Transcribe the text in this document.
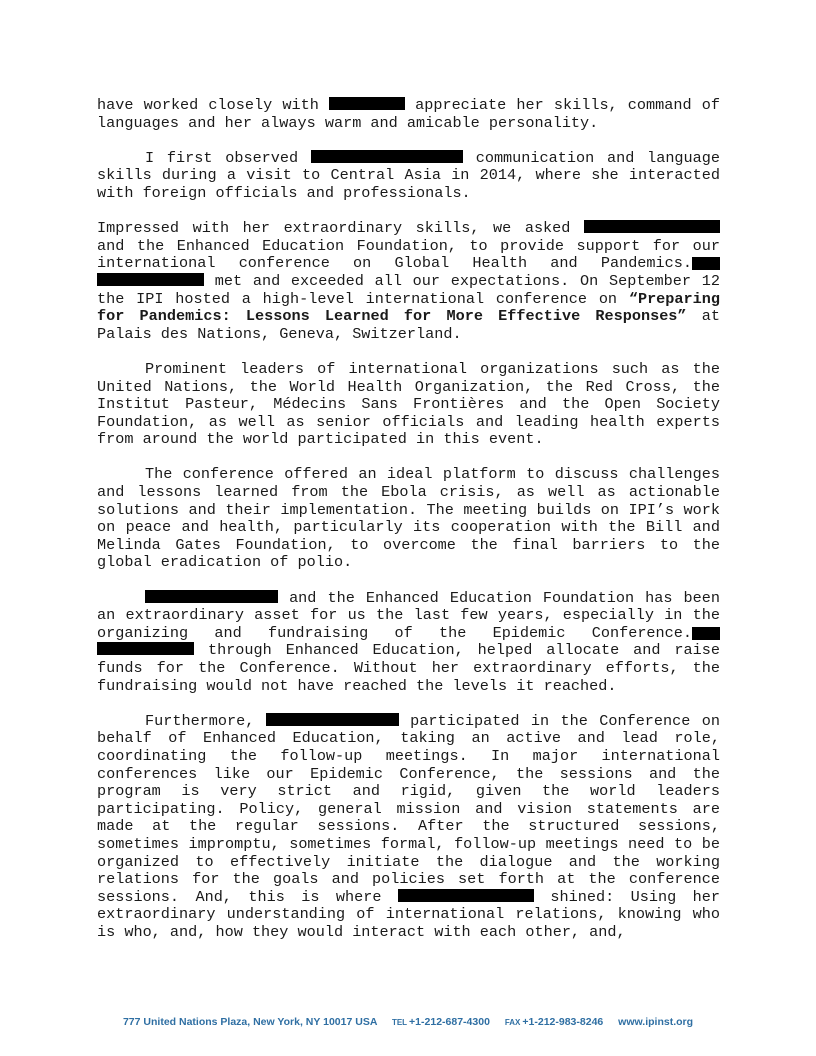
have worked closely with	appreciate her skills, command of languages and her always warm and amicable personality.

I first observed	communication and language skills during a visit to Central Asia in 2014, where she interacted with foreign officials and professionals.

Impressed with her extraordinary skills, we asked  and the Enhanced Education Foundation, to provide support for our international conference on Global Health and Pandemics.
met and exceeded all our expectations. On September 12 the IPI hosted a high-level international conference on “Preparing for Pandemics: Lessons Learned for More Effective Responses” at Palais des Nations, Geneva, Switzerland.

Prominent leaders of international organizations such as the United Nations, the World Health Organization, the Red Cross, the Institut Pasteur, Médecins Sans Frontières and the Open Society Foundation, as well as senior officials and leading health experts from around the world participated in this event.

The conference offered an ideal platform to discuss challenges and lessons learned from the Ebola crisis, as well as actionable solutions and their implementation. The meeting builds on IPI’s work on peace and health, particularly its cooperation with the Bill and Melinda Gates Foundation, to overcome the final barriers to the global eradication of polio.

and the Enhanced Education Foundation has been an extraordinary asset for us the last few years, especially in the organizing and fundraising of the Epidemic Conference.
through Enhanced Education, helped allocate and raise funds for the Conference. Without her extraordinary efforts, the fundraising would not have reached the levels it reached.

Furthermore,	participated in the Conference on behalf of Enhanced Education, taking an active and lead role, coordinating the follow-up meetings. In major international conferences like our Epidemic Conference, the sessions and the program is very strict and rigid, given the world leaders participating. Policy, general mission and vision statements are made at the regular sessions. After the structured sessions, sometimes impromptu, sometimes formal, follow-up meetings need to be organized to effectively initiate the dialogue and the working relations for the goals and policies set forth at the conference sessions. And, this is where	shined: Using her extraordinary understanding of international relations, knowing who is who, and, how they would interact with each other, and,

777 United Nations Plaza, New York, NY 10017 USA TEL +1-212-687-4300 FAX +1-212-983-8246 www.ipinst.org
